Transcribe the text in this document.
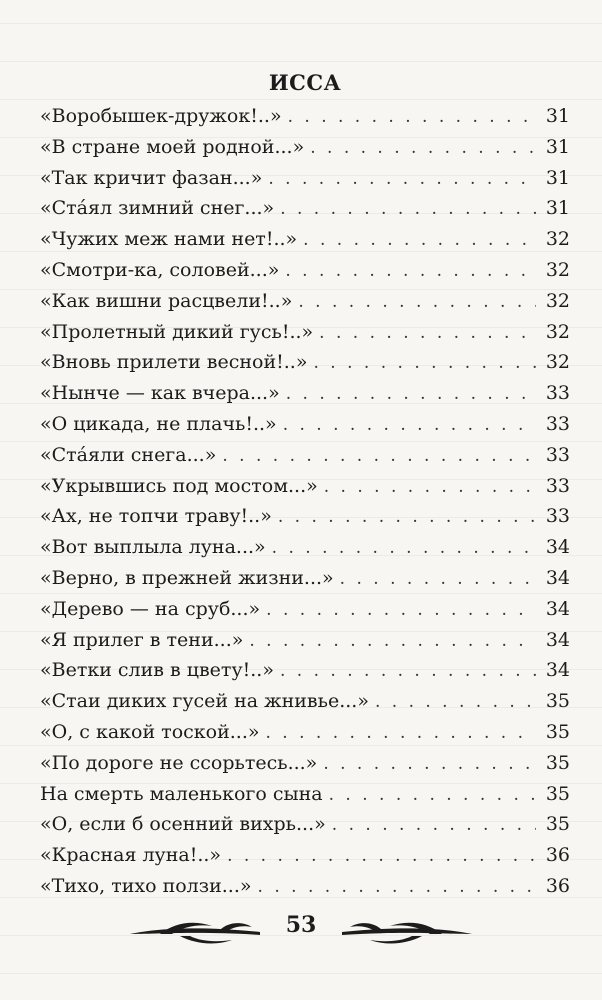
ИССА
«Воробышек-дружок!..» . . .	31
«В стране моей родной...» . . .	31
«Так кричит фазан...» . . .	31
«Ста́ял зимний снег...» . . .	31
«Чужих меж нами нет!..» . . .	32
«Смотри-ка, соловей...» . . .	32
«Как вишни расцвели!..» . . .	32
«Пролетный дикий гусь!..» . . .	32
«Вновь прилети весной!..» . . .	32
«Нынче — как вчера...» . . .	33
«О цикада, не плачь!..» . . .	33
«Ста́яли снега...» . . .	33
«Укрывшись под мостом...» . . .	33
«Ах, не топчи траву!..» . . .	33
«Вот выплыла луна...» . . .	34
«Верно, в прежней жизни...» . . .	34
«Дерево — на сруб...» . . .	34
«Я прилег в тени...» . . .	34
«Ветки слив в цвету!..» . . .	34
«Стаи диких гусей на жнивье...» . . .	35
«О, с какой тоской...» . . .	35
«По дороге не ссорьтесь...» . . .	35
На смерть маленького сына . . .	35
«О, если б осенний вихрь...» . . .	35
«Красная луна!..» . . .	36
«Тихо, тихо ползи...» . . .	36
53
